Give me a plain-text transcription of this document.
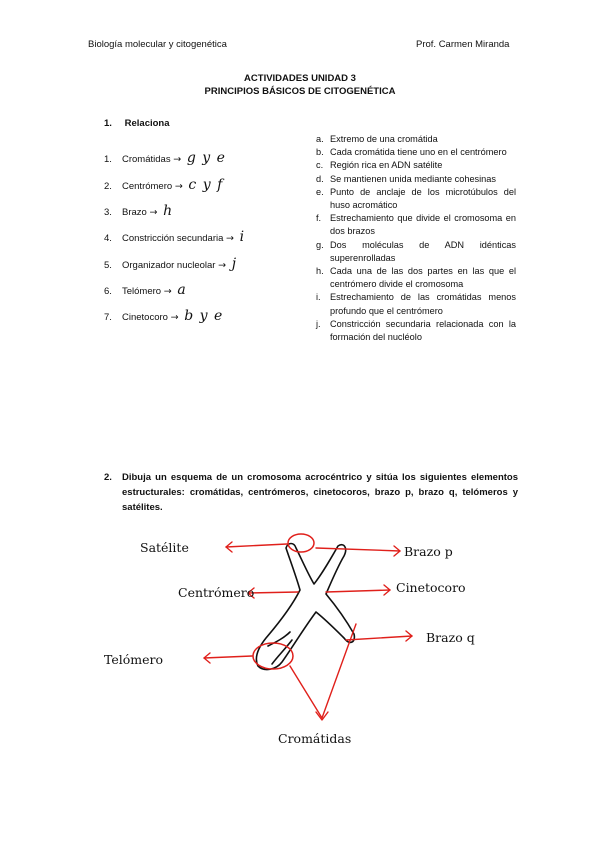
Biología molecular y citogenética	Prof. Carmen Miranda
ACTIVIDADES UNIDAD 3
PRINCIPIOS BÁSICOS DE CITOGENÉTICA
1. Relaciona
1. Cromátidas → g y e
2. Centrómero → c y f
3. Brazo → h
4. Constricción secundaria → i
5. Organizador nucleolar → j
6. Telómero → a
7. Cinetocoro → b y e
a. Extremo de una cromátida
b. Cada cromátida tiene uno en el centrómero
c. Región rica en ADN satélite
d. Se mantienen unida mediante cohesinas
e. Punto de anclaje de los microtúbulos del huso acromático
f. Estrechamiento que divide el cromosoma en dos brazos
g. Dos moléculas de ADN idénticas superenrolladas
h. Cada una de las dos partes en las que el centrómero divide el cromosoma
i. Estrechamiento de las cromátidas menos profundo que el centrómero
j. Constricción secundaria relacionada con la formación del nucléolo
2.	Dibuja un esquema de un cromosoma acrocéntrico y sitúa los siguientes elementos estructurales: cromátidas, centrómeros, cinetocoros, brazo p, brazo q, telómeros y satélites.
Satélite	Brazo p
Centrómero	Cinetocoro
Brazo q
Telómero
Cromátidas
